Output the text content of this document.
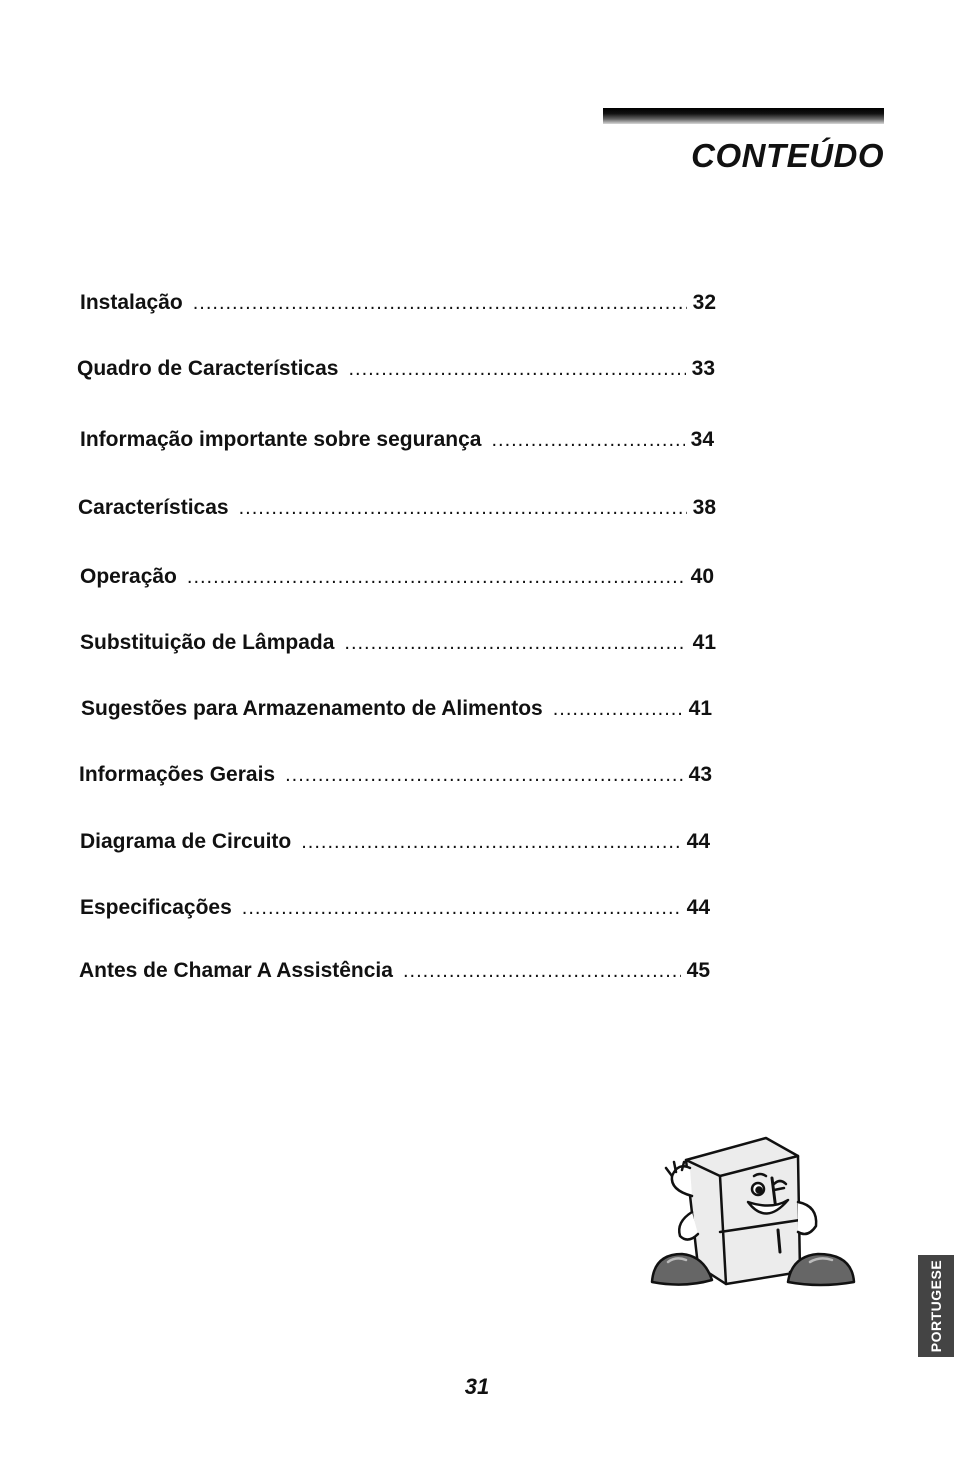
CONTEÚDO
Instalação .....	32
Quadro de Características .....	33
Informação importante sobre segurança .....	34
Características .....	38
Operação .....	40
Substituição de Lâmpada .....	41
Sugestões para Armazenamento de Alimentos .....	41
Informações Gerais .....	43
Diagrama de Circuito .....	44
Especificações .....	44
Antes de Chamar A Assistência .....	45
PORTUGESE

31
